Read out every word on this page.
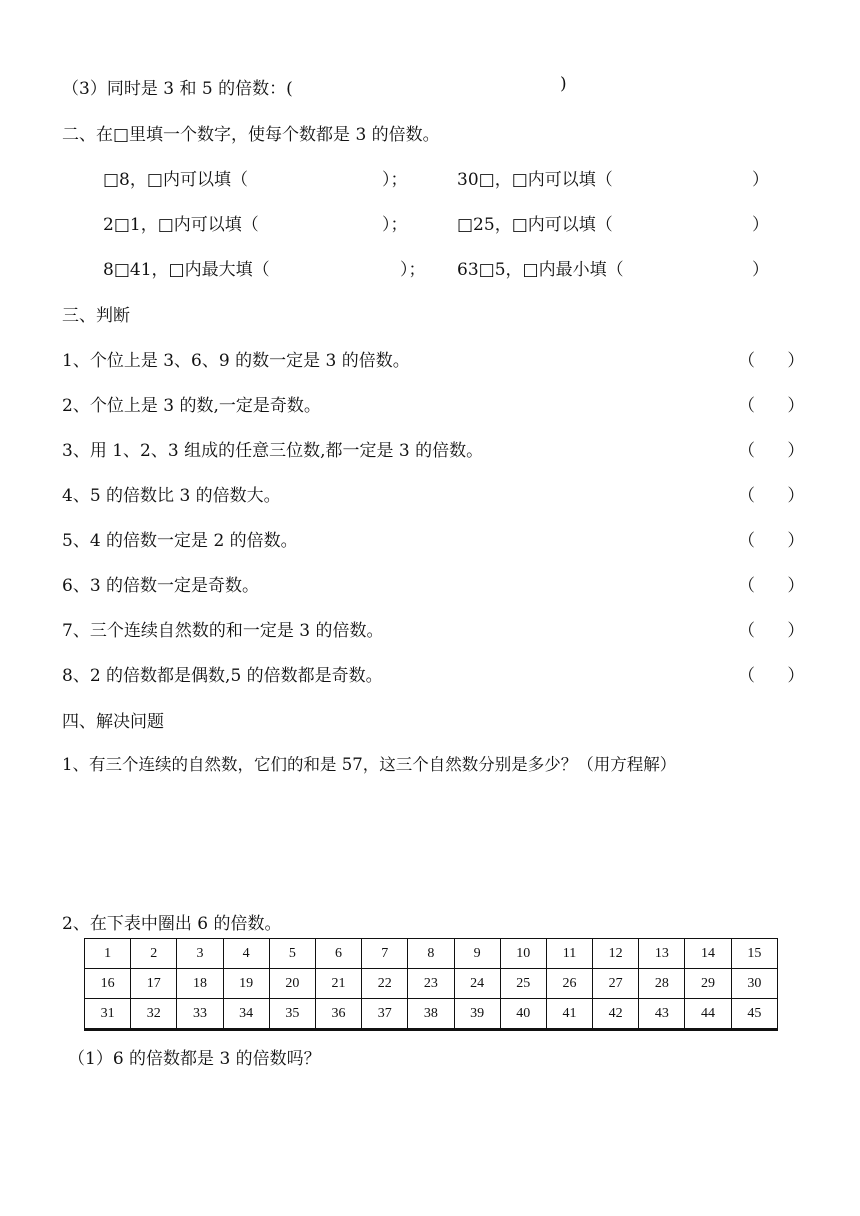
（3）同时是 3 和 5 的倍数：(	)
二、在□里填一个数字，使每个数都是 3 的倍数。
□8，□内可以填（	）；	30□，□内可以填（	）
2□1，□内可以填（	）；	□25，□内可以填（	）
8□41，□内最大填（	）； 63□5，□内最小填（	）
三、判断
1、个位上是 3、6、9 的数一定是 3 的倍数。	（      ）
2、个位上是 3 的数,一定是奇数。	（      ）
3、用 1、2、3 组成的任意三位数,都一定是 3 的倍数。	（      ）
4、5 的倍数比 3 的倍数大。	（      ）
5、4 的倍数一定是 2 的倍数。	（      ）
6、3 的倍数一定是奇数。	（      ）
7、三个连续自然数的和一定是 3 的倍数。	（      ）
8、2 的倍数都是偶数,5 的倍数都是奇数。	（      ）
四、解决问题
1、有三个连续的自然数，它们的和是 57，这三个自然数分别是多少？（用方程解）
2、在下表中圈出 6 的倍数。
1	2	3	4	5	6	7	8	9	10	11	12	13	14	15
16	17	18	19	20	21	22	23	24	25	26	27	28	29	30
31	32	33	34	35	36	37	38	39	40	41	42	43	44	45
（1）6 的倍数都是 3 的倍数吗？
